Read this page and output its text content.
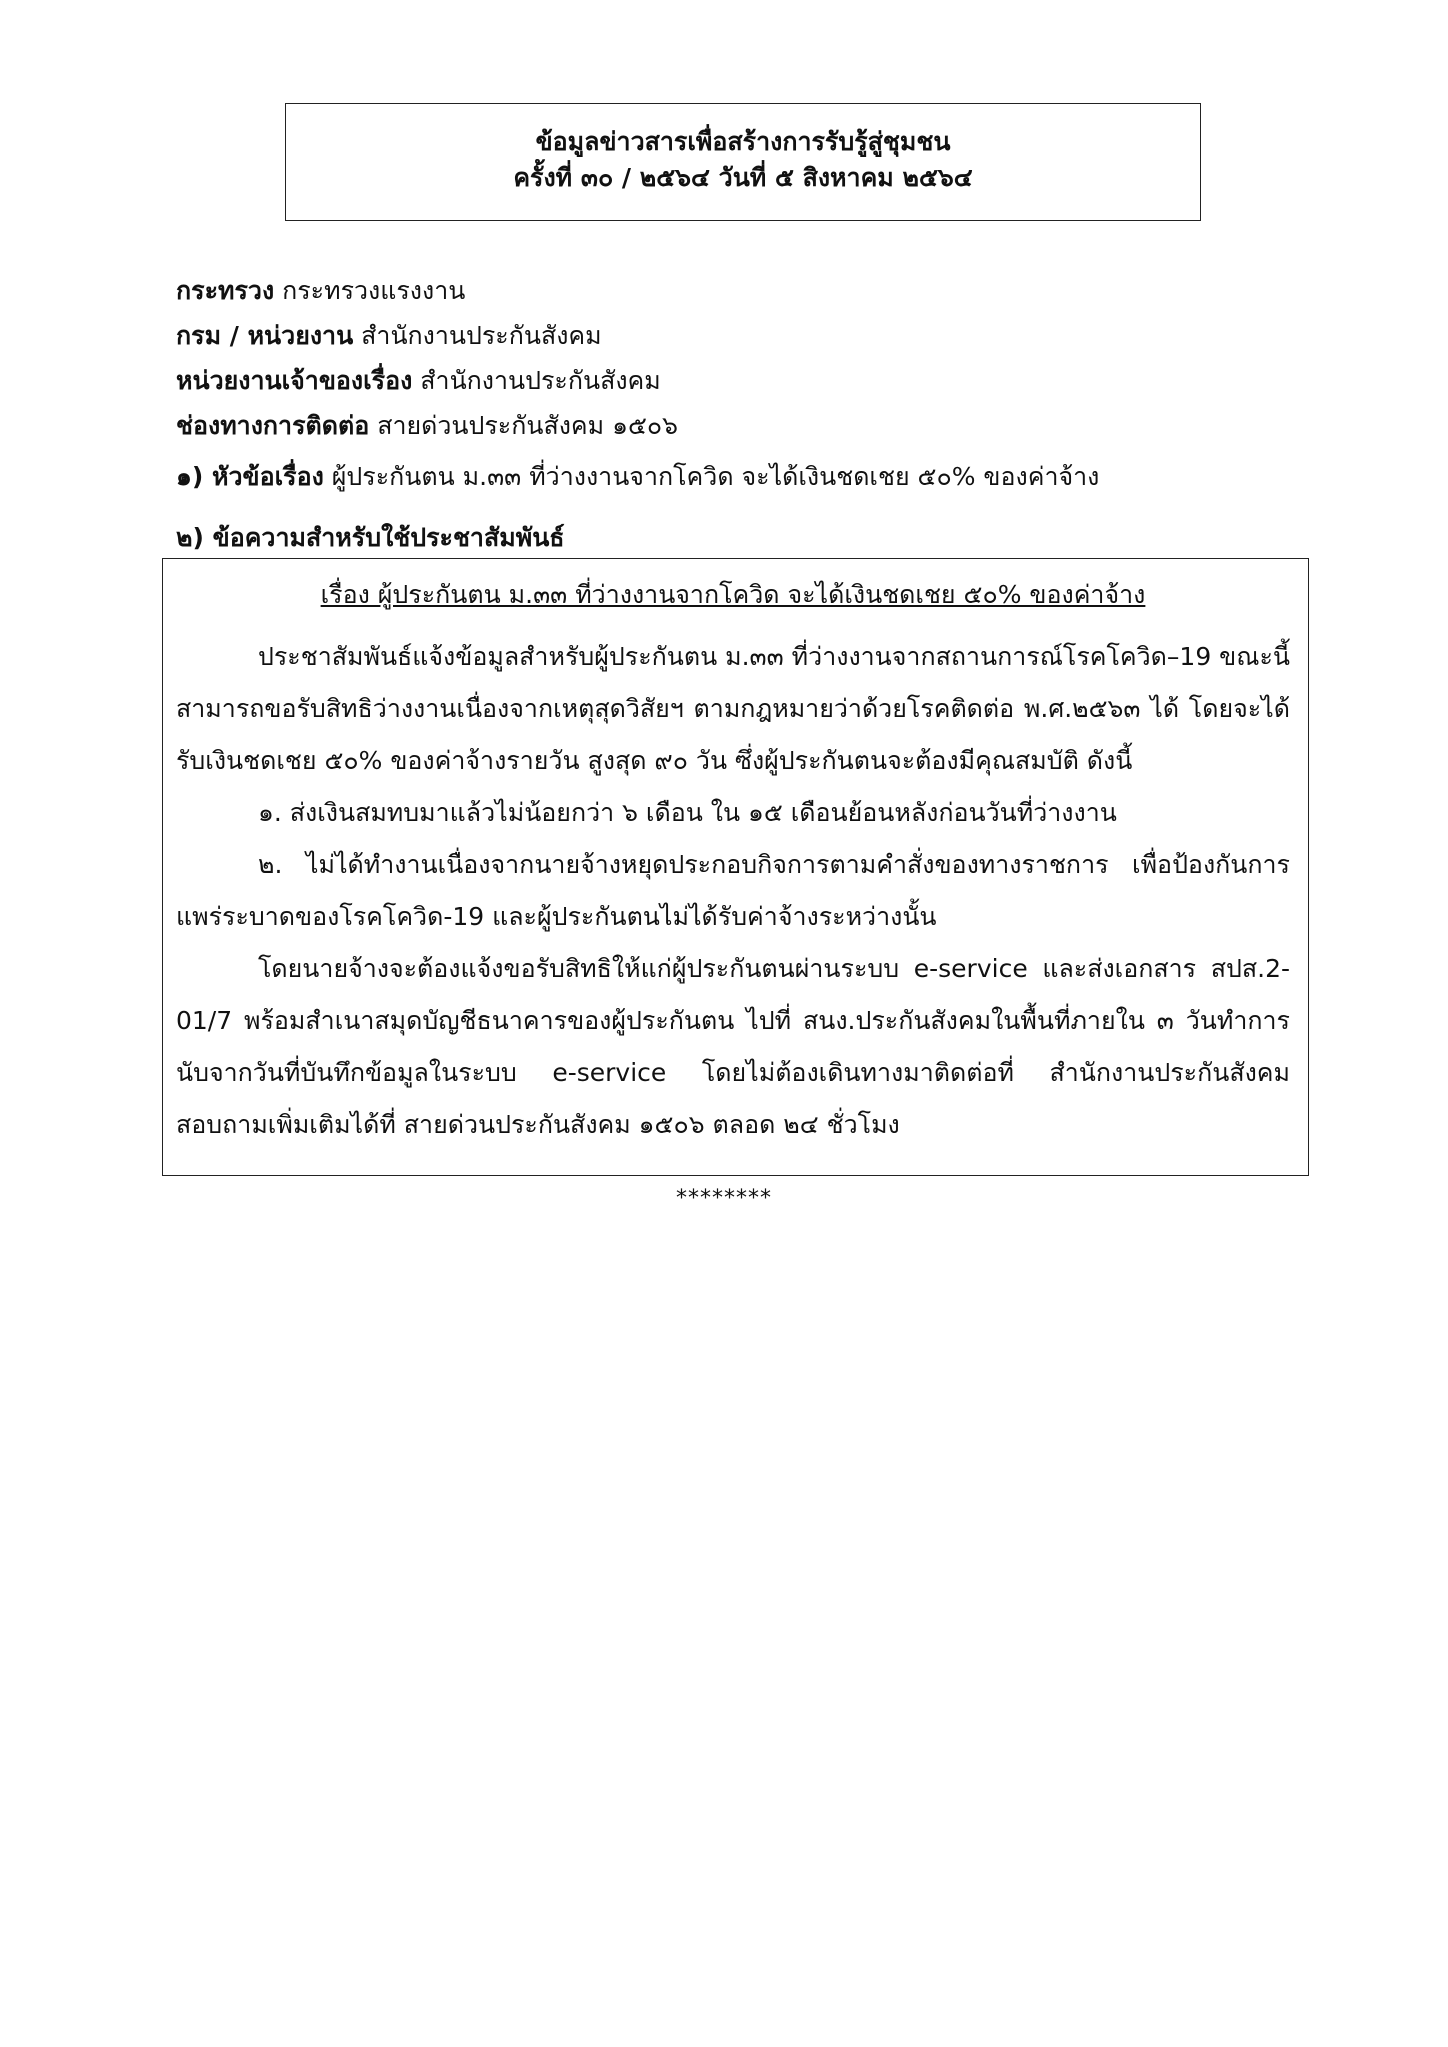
ข้อมูลข่าวสารเพื่อสร้างการรับรู้สู่ชุมชน
ครั้งที่ ๓๐ / ๒๕๖๔ วันที่ ๕ สิงหาคม ๒๕๖๔
กระทรวง กระทรวงแรงงาน
กรม / หน่วยงาน สำนักงานประกันสังคม
หน่วยงานเจ้าของเรื่อง สำนักงานประกันสังคม
ช่องทางการติดต่อ สายด่วนประกันสังคม ๑๕๐๖
๑) หัวข้อเรื่อง ผู้ประกันตน ม.๓๓ ที่ว่างงานจากโควิด จะได้เงินชดเชย ๕๐% ของค่าจ้าง
๒) ข้อความสำหรับใช้ประชาสัมพันธ์
เรื่อง ผู้ประกันตน ม.๓๓ ที่ว่างงานจากโควิด จะได้เงินชดเชย ๕๐% ของค่าจ้าง
ประชาสัมพันธ์แจ้งข้อมูลสำหรับผู้ประกันตน ม.๓๓ ที่ว่างงานจากสถานการณ์โรคโควิด–19 ขณะนี้สามารถขอรับสิทธิว่างงานเนื่องจากเหตุสุดวิสัยฯ ตามกฎหมายว่าด้วยโรคติดต่อ พ.ศ.๒๕๖๓ ได้ โดยจะได้รับเงินชดเชย ๕๐% ของค่าจ้างรายวัน สูงสุด ๙๐ วัน ซึ่งผู้ประกันตนจะต้องมีคุณสมบัติ ดังนี้
๑. ส่งเงินสมทบมาแล้วไม่น้อยกว่า ๖ เดือน ใน ๑๕ เดือนย้อนหลังก่อนวันที่ว่างงาน
๒. ไม่ได้ทำงานเนื่องจากนายจ้างหยุดประกอบกิจการตามคำสั่งของทางราชการ เพื่อป้องกันการแพร่ระบาดของโรคโควิด-19 และผู้ประกันตนไม่ได้รับค่าจ้างระหว่างนั้น
โดยนายจ้างจะต้องแจ้งขอรับสิทธิให้แก่ผู้ประกันตนผ่านระบบ e-service และส่งเอกสาร สปส.2-01/7 พร้อมสำเนาสมุดบัญชีธนาคารของผู้ประกันตน ไปที่ สนง.ประกันสังคมในพื้นที่ภายใน ๓ วันทำการ นับจากวันที่บันทึกข้อมูลในระบบ e-service โดยไม่ต้องเดินทางมาติดต่อที่ สำนักงานประกันสังคม สอบถามเพิ่มเติมได้ที่ สายด่วนประกันสังคม ๑๕๐๖ ตลอด ๒๔ ชั่วโมง
********
